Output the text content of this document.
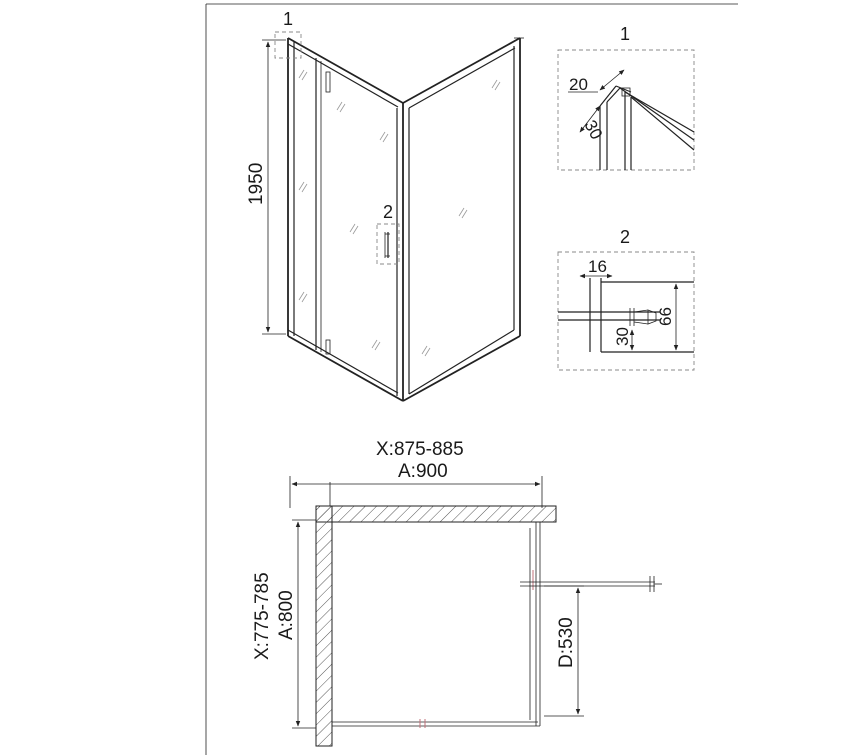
1
2
1950
1
20
30
2
16
66
30
X:875-885
A:900
X:775-785 A:800
D:530
